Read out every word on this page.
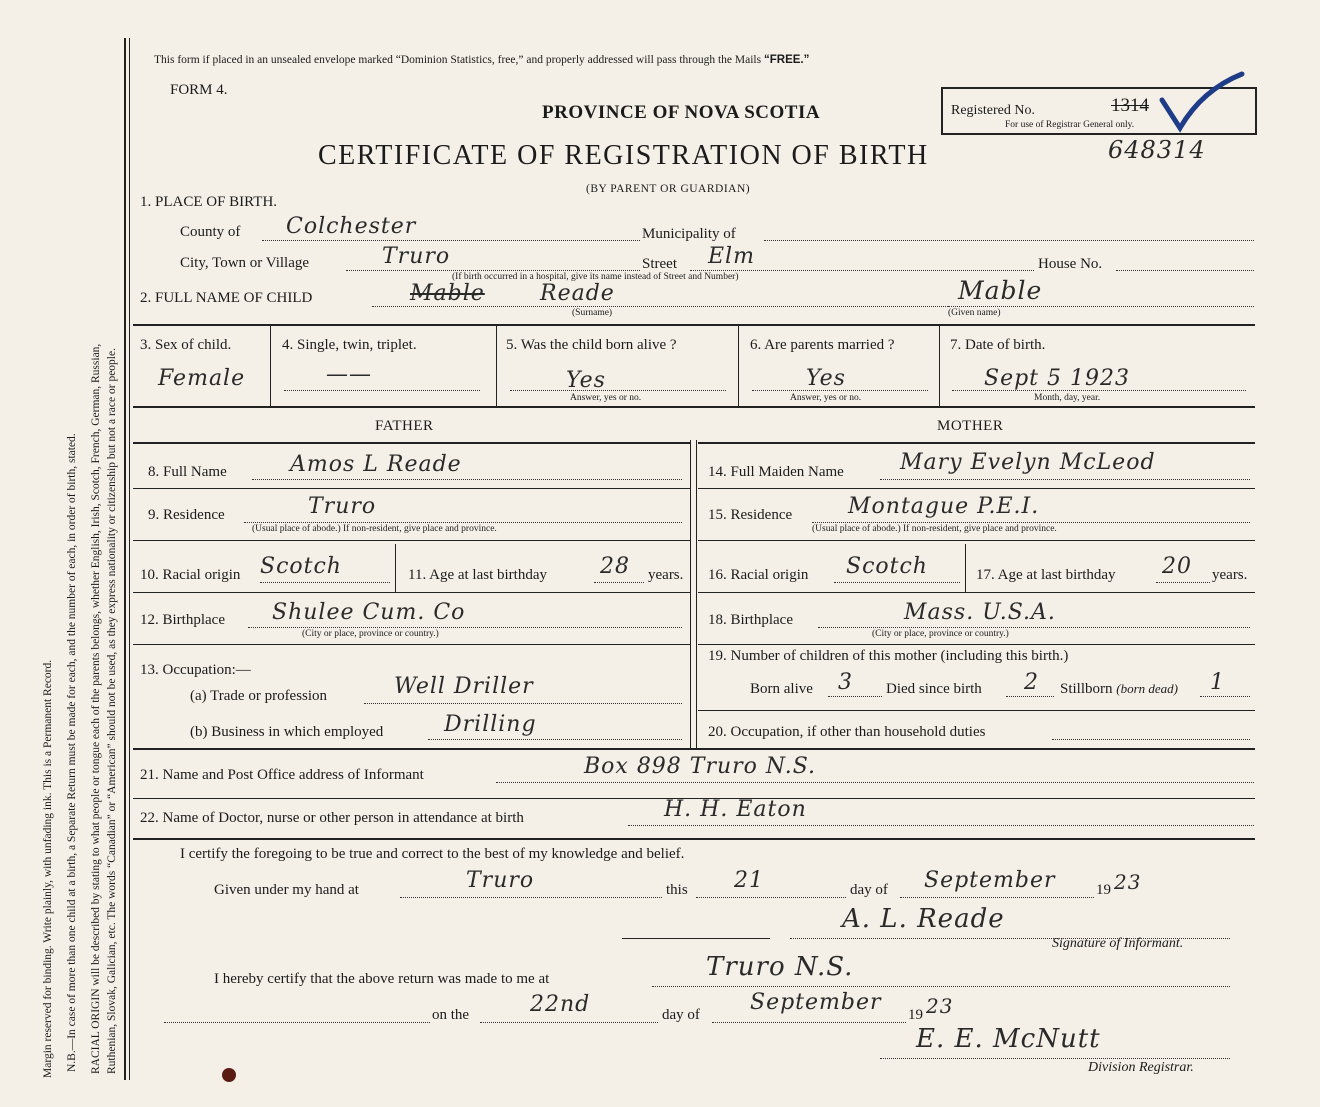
Margin reserved for binding. Write plainly, with unfading ink. This is a Permanent Record. N.B.—In case of more than one child at a birth, a Separate Return must be made for each, and the number of each, in order of birth, stated. RACIAL ORIGIN will be described by stating to what people or tongue each of the parents belongs, whether English, Irish, Scotch, French, German, Russian, Ruthenian, Slovak, Galician, etc. The words “Canadian” or “American” should not be used, as they express nationality or citizenship but not a race or people.
This form if placed in an unsealed envelope marked “Dominion Statistics, free,” and properly addressed will pass through the Mails “FREE.”
FORM 4.
PROVINCE OF NOVA SCOTIA
CERTIFICATE OF REGISTRATION OF BIRTH
(BY PARENT OR GUARDIAN)
Registered No.	1314
For use of Registrar General only.
648314
1. PLACE OF BIRTH.
County of Colchester	Municipality of
City, Town or Village	Truro	Street Elm	House No.
(If birth occurred in a hospital, give its name instead of Street and Number)
2. FULL NAME OF CHILD	Mable	Reade
(Surname)
Mable
(Given name)
3. Sex of child.
Female
4. Single, twin, triplet.
——
5. Was the child born alive ?
Yes
Answer, yes or no.
6. Are parents married ?
Yes
Answer, yes or no.
7. Date of birth.
Sept 5 1923
Month, day, year.
FATHER	MOTHER
8. Full Name	Amos L Reade
9. Residence	Truro
(Usual place of abode.) If non-resident, give place and province.
10. Racial origin Scotch	11. Age at last birthday 28 years.
12. Birthplace Shulee Cum. Co
(City or place, province or country.)
13. Occupation:—
(a) Trade or profession	Well Driller
(b) Business in which employed	Drilling
14. Full Maiden Name	Mary Evelyn McLeod
15. Residence	Montague P.E.I.
(Usual place of abode.) If non-resident, give place and province.
16. Racial origin Scotch	17. Age at last birthday 20 years.
18. Birthplace	Mass. U.S.A.
(City or place, province or country.)
19. Number of children of this mother (including this birth.)
Born alive 3 Died since birth 2 Stillborn (born dead) 1
20. Occupation, if other than household duties
21. Name and Post Office address of Informant	Box 898 Truro N.S.
22. Name of Doctor, nurse or other person in attendance at birth	H. H. Eaton
I certify the foregoing to be true and correct to the best of my knowledge and belief.
Given under my hand at	Truro	this 21	day of September	19 23
A. L. Reade
Signature of Informant.
I hereby certify that the above return was made to me at	Truro N.S.
on the	22nd	day of September 19 23
E. E. McNutt
Division Registrar.
